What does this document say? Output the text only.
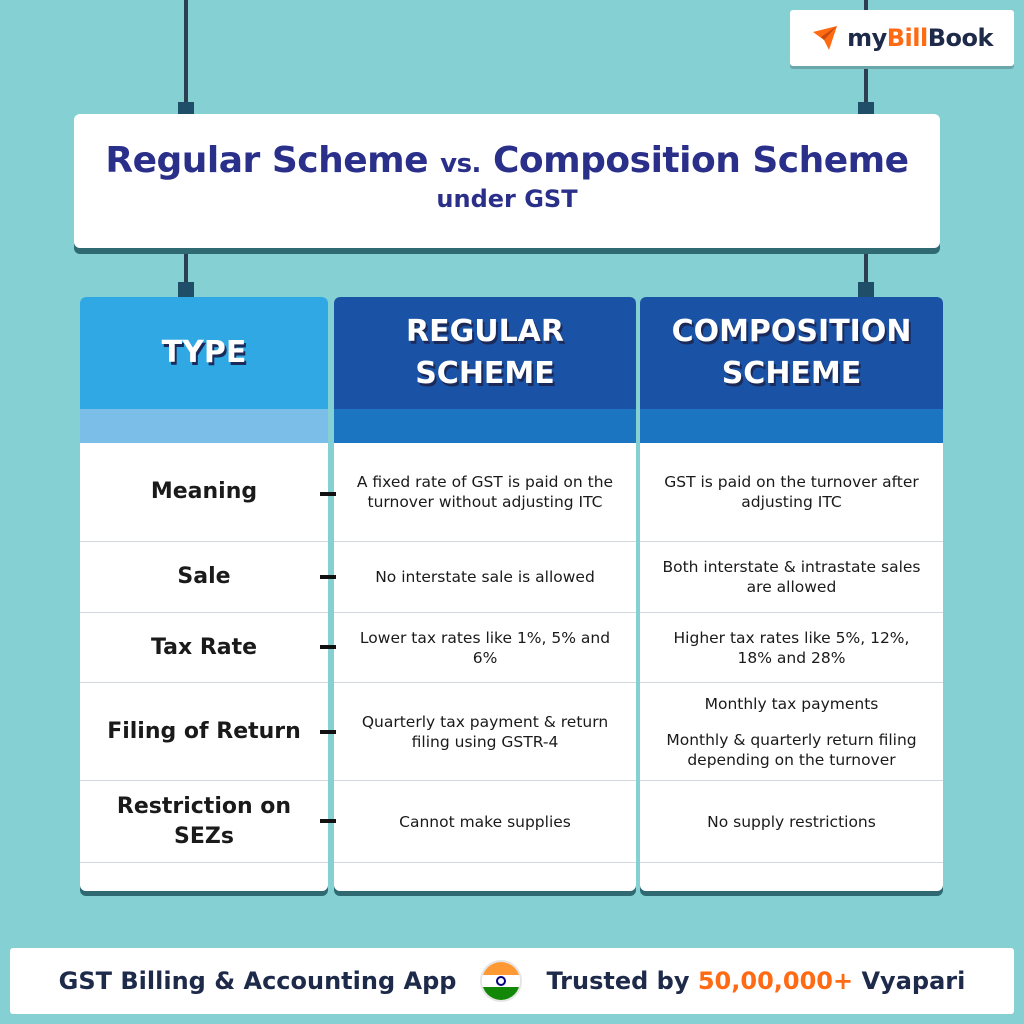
myBillBook
Regular Scheme vs. Composition Scheme
under GST
TYPE
Meaning
Sale
Tax Rate
Filing of Return
Restriction on SEZs
REGULAR
SCHEME
A fixed rate of GST is paid on the turnover without adjusting ITC
No interstate sale is allowed
Lower tax rates like 1%, 5% and 6%
Quarterly tax payment & return filing using GSTR-4
Cannot make supplies
COMPOSITION
SCHEME
GST is paid on the turnover after adjusting ITC
Both interstate & intrastate sales are allowed
Higher tax rates like 5%, 12%, 18% and 28%
Monthly tax payments
Monthly & quarterly return filing depending on the turnover
No supply restrictions
GST Billing & Accounting App	Trusted by 50,00,000+ Vyapari
